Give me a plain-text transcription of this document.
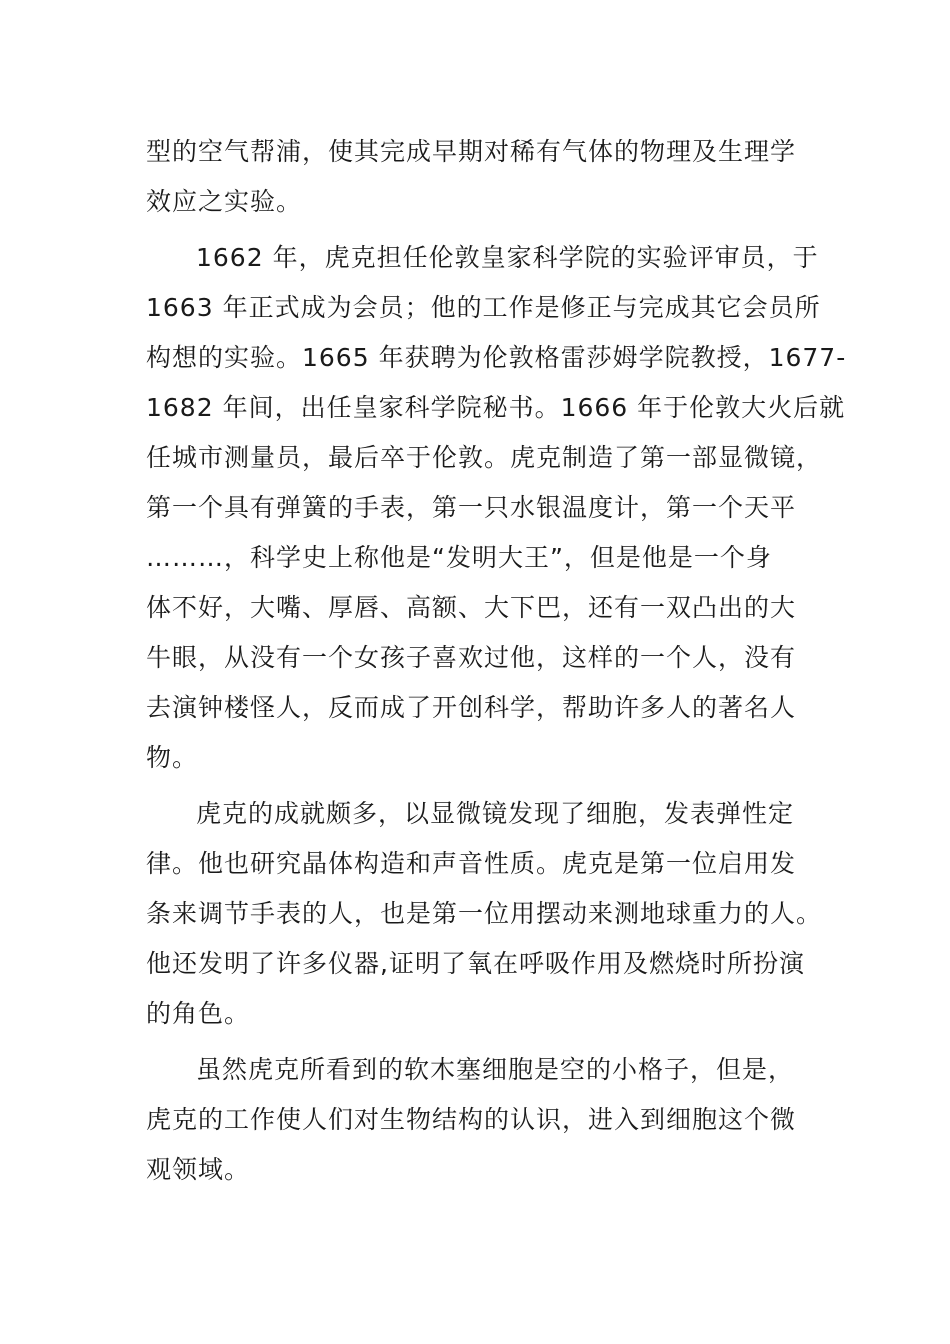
型的空气帮浦，使其完成早期对稀有气体的物理及生理学
效应之实验。

1662 年，虎克担任伦敦皇家科学院的实验评审员，于
1663 年正式成为会员；他的工作是修正与完成其它会员所
构想的实验。1665 年获聘为伦敦格雷莎姆学院教授，1677-
1682 年间，出任皇家科学院秘书。1666 年于伦敦大火后就
任城市测量员，最后卒于伦敦。虎克制造了第一部显微镜，
第一个具有弹簧的手表，第一只水银温度计，第一个天平
………，科学史上称他是“发明大王”，但是他是一个身
体不好，大嘴、厚唇、高额、大下巴，还有一双凸出的大
牛眼，从没有一个女孩子喜欢过他，这样的一个人，没有
去演钟楼怪人，反而成了开创科学，帮助许多人的著名人
物。

虎克的成就颇多，以显微镜发现了细胞，发表弹性定
律。他也研究晶体构造和声音性质。虎克是第一位启用发
条来调节手表的人，也是第一位用摆动来测地球重力的人。
他还发明了许多仪器,证明了氧在呼吸作用及燃烧时所扮演
的角色。

虽然虎克所看到的软木塞细胞是空的小格子，但是，
虎克的工作使人们对生物结构的认识，进入到细胞这个微
观领域。
